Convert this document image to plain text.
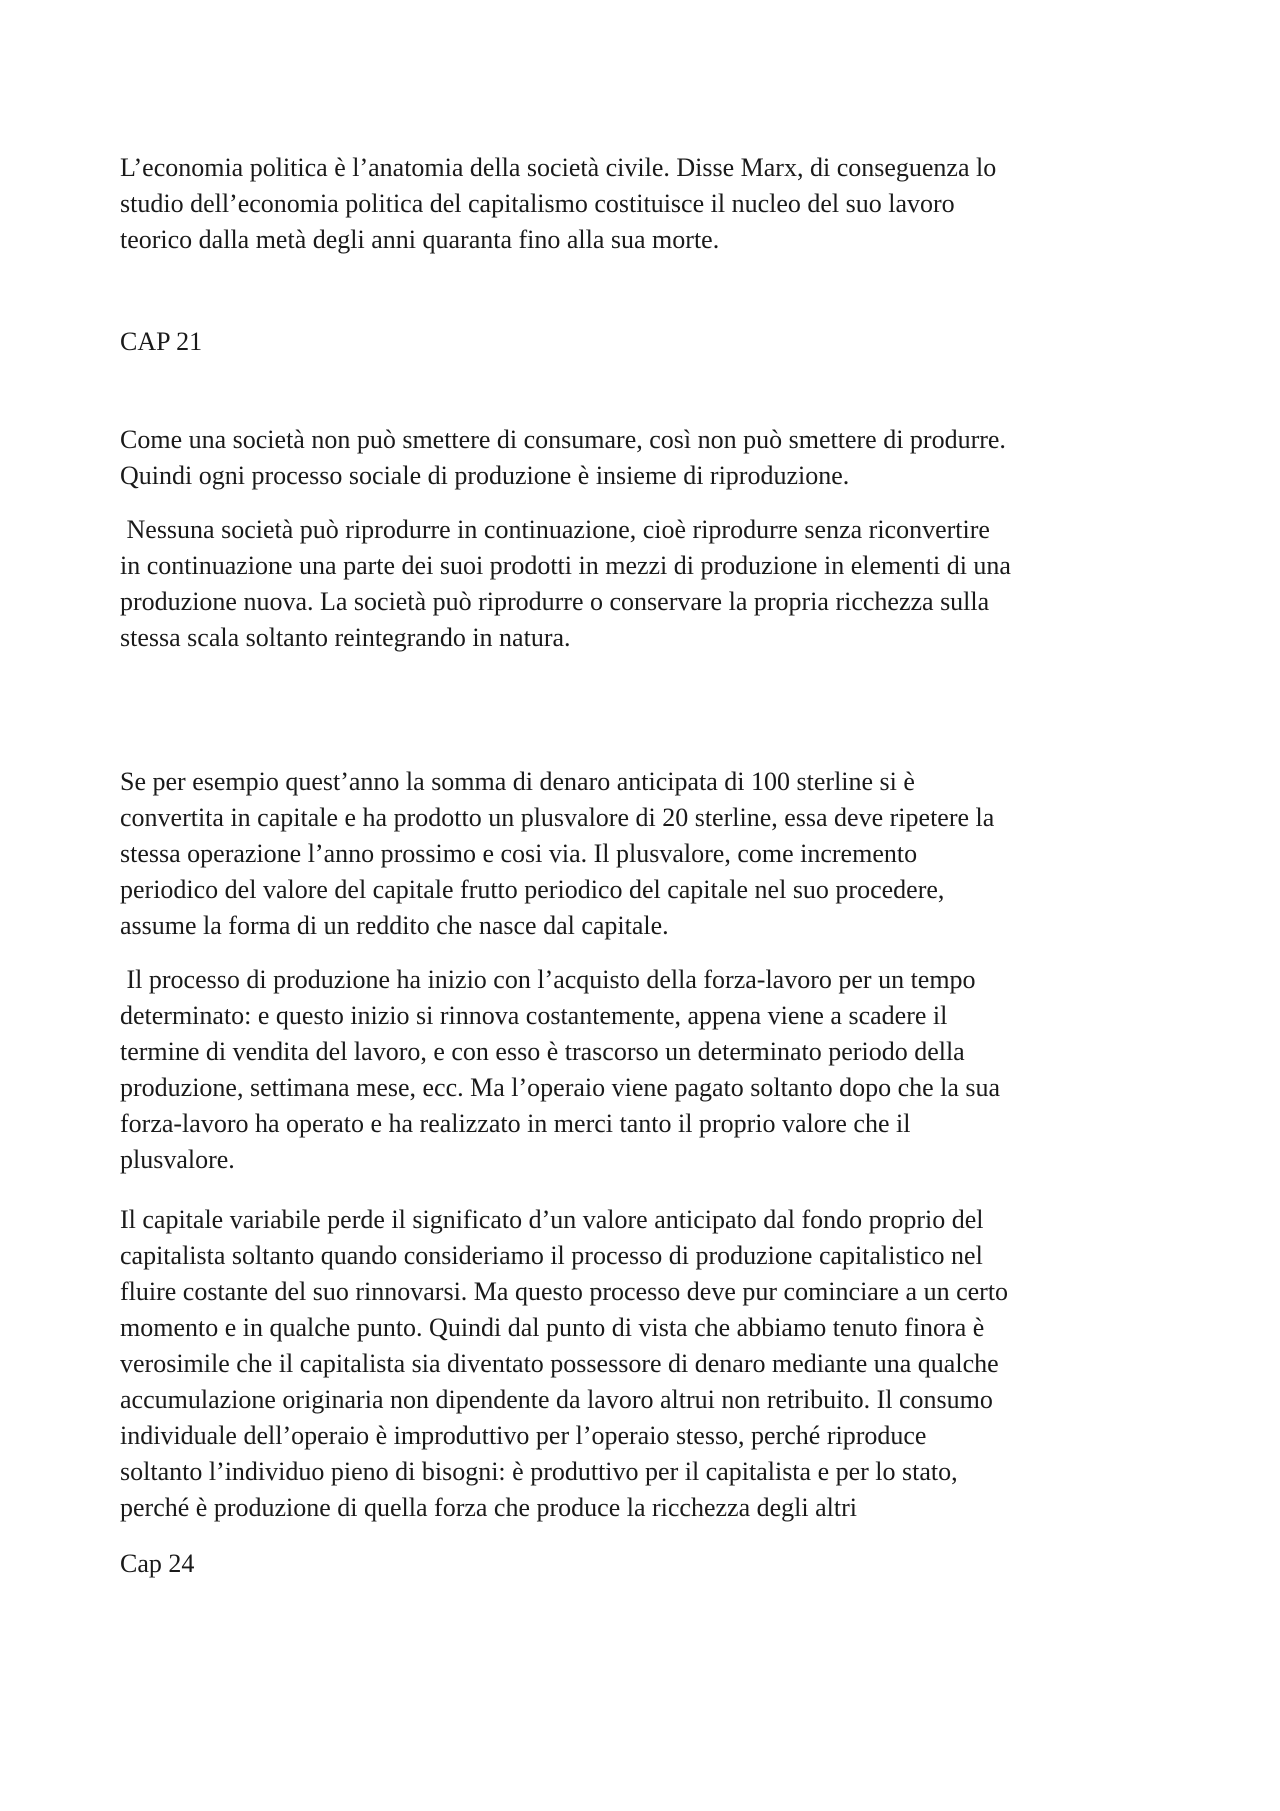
L’economia politica è l’anatomia della società civile. Disse Marx, di conseguenza lo

studio dell’economia politica del capitalismo costituisce il nucleo del suo lavoro

teorico dalla metà degli anni quaranta fino alla sua morte.

CAP 21

Come una società non può smettere di consumare, così non può smettere di produrre.

Quindi ogni processo sociale di produzione è insieme di riproduzione.

Nessuna società può riprodurre in continuazione, cioè riprodurre senza riconvertire

in continuazione una parte dei suoi prodotti in mezzi di produzione in elementi di una

produzione nuova. La società può riprodurre o conservare la propria ricchezza sulla

stessa scala soltanto reintegrando in natura.

Se per esempio quest’anno la somma di denaro anticipata di 100 sterline si è

convertita in capitale e ha prodotto un plusvalore di 20 sterline, essa deve ripetere la

stessa operazione l’anno prossimo e cosi via. Il plusvalore, come incremento

periodico del valore del capitale frutto periodico del capitale nel suo procedere,

assume la forma di un reddito che nasce dal capitale.

Il processo di produzione ha inizio con l’acquisto della forza-lavoro per un tempo

determinato: e questo inizio si rinnova costantemente, appena viene a scadere il

termine di vendita del lavoro, e con esso è trascorso un determinato periodo della

produzione, settimana mese, ecc. Ma l’operaio viene pagato soltanto dopo che la sua

forza-lavoro ha operato e ha realizzato in merci tanto il proprio valore che il

plusvalore.

Il capitale variabile perde il significato d’un valore anticipato dal fondo proprio del

capitalista soltanto quando consideriamo il processo di produzione capitalistico nel

fluire costante del suo rinnovarsi. Ma questo processo deve pur cominciare a un certo

momento e in qualche punto. Quindi dal punto di vista che abbiamo tenuto finora è

verosimile che il capitalista sia diventato possessore di denaro mediante una qualche

accumulazione originaria non dipendente da lavoro altrui non retribuito. Il consumo

individuale dell’operaio è improduttivo per l’operaio stesso, perché riproduce

soltanto l’individuo pieno di bisogni: è produttivo per il capitalista e per lo stato,

perché è produzione di quella forza che produce la ricchezza degli altri

Cap 24
